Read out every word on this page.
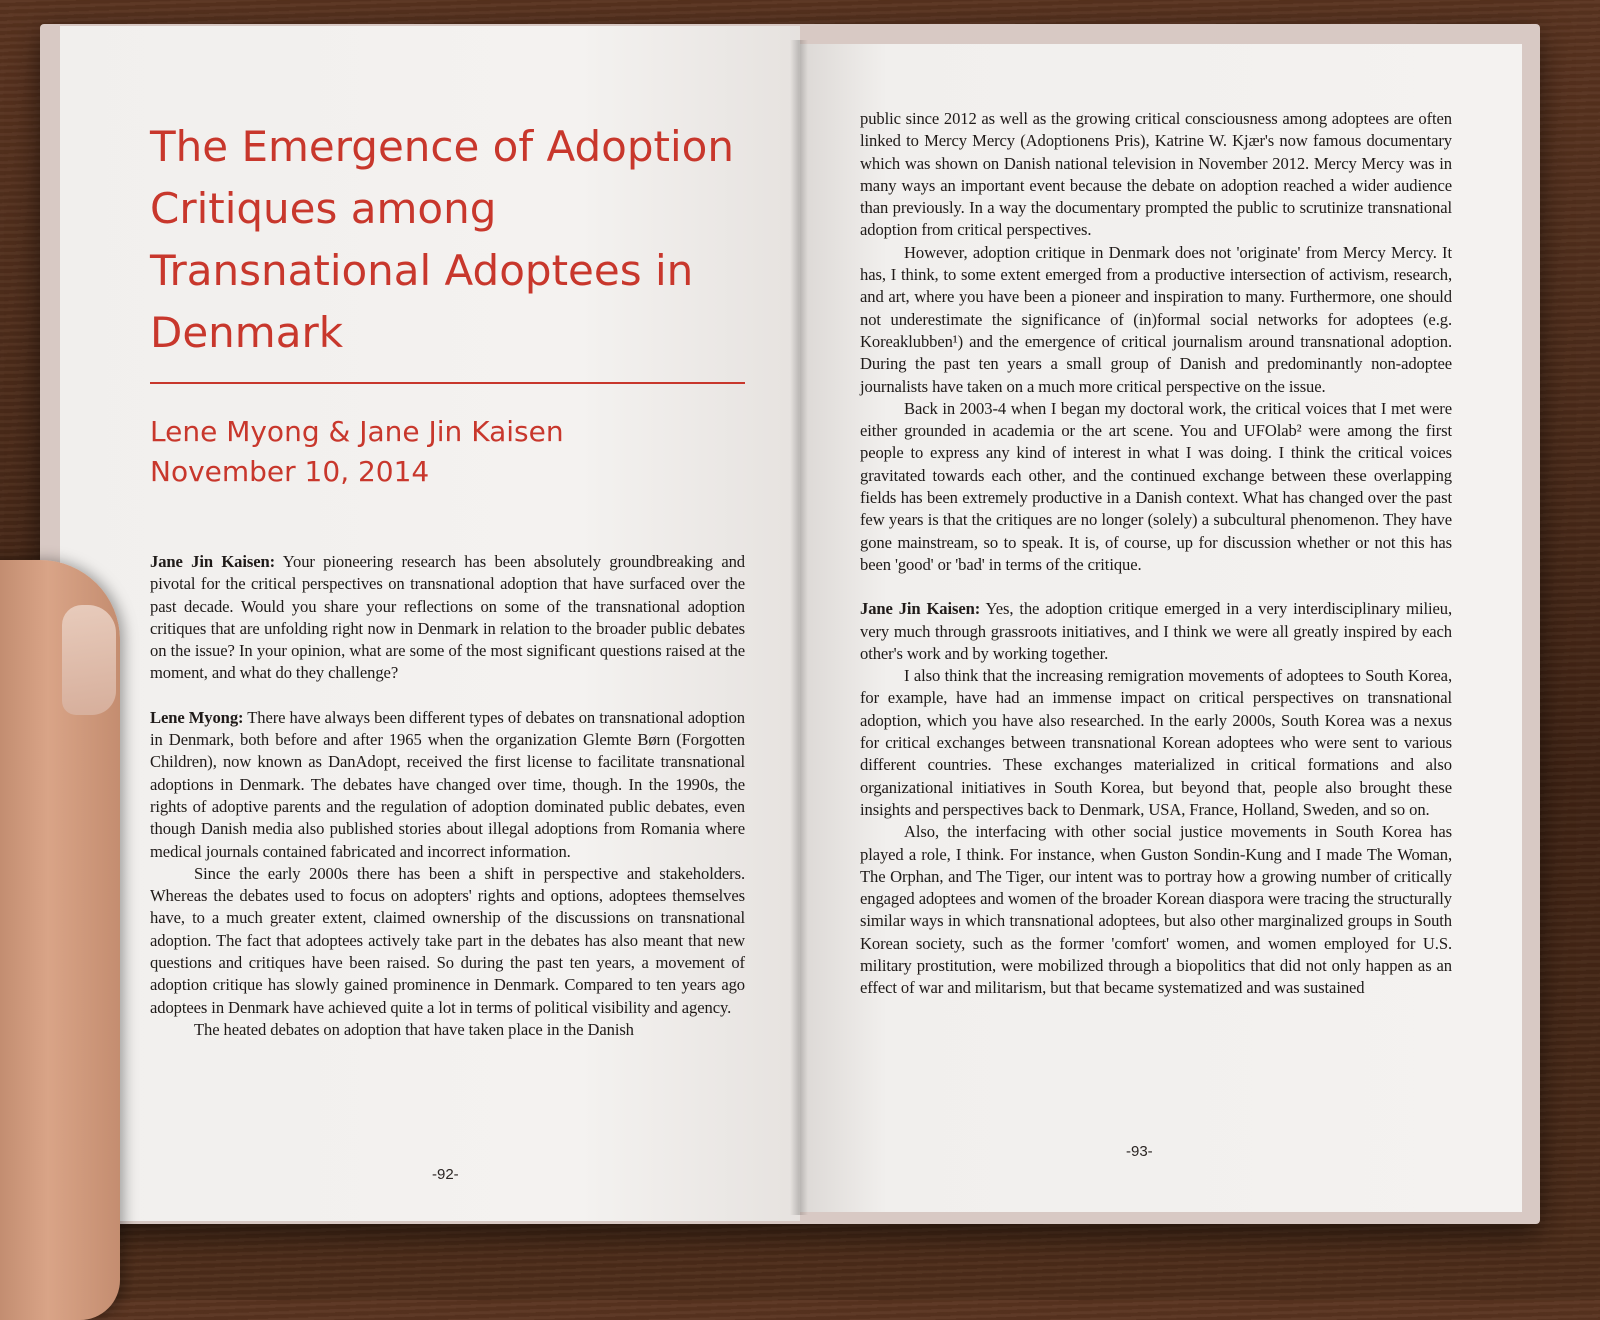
The Emergence of Adoption Critiques among Transnational Adoptees in Denmark

Lene Myong & Jane Jin Kaisen

November 10, 2014

Jane Jin Kaisen: Your pioneering research has been absolutely groundbreaking and pivotal for the critical perspectives on transnational adoption that have surfaced over the past decade. Would you share your reflections on some of the transnational adoption critiques that are unfolding right now in Denmark in relation to the broader public debates on the issue? In your opinion, what are some of the most significant questions raised at the moment, and what do they challenge?

Lene Myong: There have always been different types of debates on transnational adoption in Denmark, both before and after 1965 when the organization Glemte Børn (Forgotten Children), now known as DanAdopt, received the first license to facilitate transnational adoptions in Denmark. The debates have changed over time, though. In the 1990s, the rights of adoptive parents and the regulation of adoption dominated public debates, even though Danish media also published stories about illegal adoptions from Romania where medical journals contained fabricated and incorrect information.

Since the early 2000s there has been a shift in perspective and stakeholders. Whereas the debates used to focus on adopters' rights and options, adoptees themselves have, to a much greater extent, claimed ownership of the discussions on transnational adoption. The fact that adoptees actively take part in the debates has also meant that new questions and critiques have been raised. So during the past ten years, a movement of adoption critique has slowly gained prominence in Denmark. Compared to ten years ago adoptees in Denmark have achieved quite a lot in terms of political visibility and agency.

The heated debates on adoption that have taken place in the Danish

-92-

public since 2012 as well as the growing critical consciousness among adoptees are often linked to Mercy Mercy (Adoptionens Pris), Katrine W. Kjær's now famous documentary which was shown on Danish national television in November 2012. Mercy Mercy was in many ways an important event because the debate on adoption reached a wider audience than previously. In a way the documentary prompted the public to scrutinize transnational adoption from critical perspectives.

However, adoption critique in Denmark does not 'originate' from Mercy Mercy. It has, I think, to some extent emerged from a productive intersection of activism, research, and art, where you have been a pioneer and inspiration to many. Furthermore, one should not underestimate the significance of (in)formal social networks for adoptees (e.g. Koreaklubben¹) and the emergence of critical journalism around transnational adoption. During the past ten years a small group of Danish and predominantly non-adoptee journalists have taken on a much more critical perspective on the issue.

Back in 2003-4 when I began my doctoral work, the critical voices that I met were either grounded in academia or the art scene. You and UFOlab² were among the first people to express any kind of interest in what I was doing. I think the critical voices gravitated towards each other, and the continued exchange between these overlapping fields has been extremely productive in a Danish context. What has changed over the past few years is that the critiques are no longer (solely) a subcultural phenomenon. They have gone mainstream, so to speak. It is, of course, up for discussion whether or not this has been 'good' or 'bad' in terms of the critique.

Jane Jin Kaisen: Yes, the adoption critique emerged in a very interdisciplinary milieu, very much through grassroots initiatives, and I think we were all greatly inspired by each other's work and by working together.

I also think that the increasing remigration movements of adoptees to South Korea, for example, have had an immense impact on critical perspectives on transnational adoption, which you have also researched. In the early 2000s, South Korea was a nexus for critical exchanges between transnational Korean adoptees who were sent to various different countries. These exchanges materialized in critical formations and also organizational initiatives in South Korea, but beyond that, people also brought these insights and perspectives back to Denmark, USA, France, Holland, Sweden, and so on.

Also, the interfacing with other social justice movements in South Korea has played a role, I think. For instance, when Guston Sondin-Kung and I made The Woman, The Orphan, and The Tiger, our intent was to portray how a growing number of critically engaged adoptees and women of the broader Korean diaspora were tracing the structurally similar ways in which transnational adoptees, but also other marginalized groups in South Korean society, such as the former 'comfort' women, and women employed for U.S. military prostitution, were mobilized through a biopolitics that did not only happen as an effect of war and militarism, but that became systematized and was sustained

-93-
